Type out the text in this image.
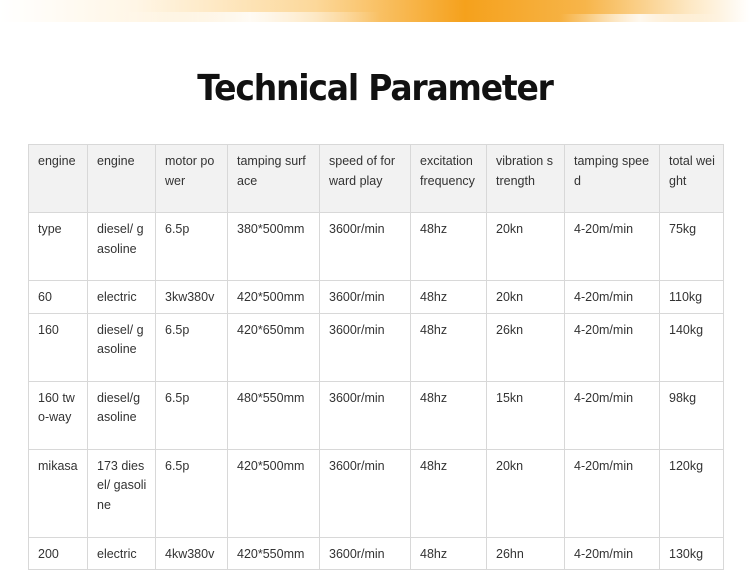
Technical Parameter
engine	engine	motor power	tamping surface	speed of forward play	excitation frequency	vibration strength	tamping speed	total weight
type	diesel/ gasoline	6.5p	380*500mm	3600r/min	48hz	20kn	4-20m/min	75kg
60	electric	3kw380v	420*500mm	3600r/min	48hz	20kn	4-20m/min	110kg
160	diesel/ gasoline	6.5p	420*650mm	3600r/min	48hz	26kn	4-20m/min	140kg
160 two-way	diesel/gasoline	6.5p	480*550mm	3600r/min	48hz	15kn	4-20m/min	98kg
mikasa	173 diesel/ gasoline	6.5p	420*500mm	3600r/min	48hz	20kn	4-20m/min	120kg
200	electric	4kw380v	420*550mm	3600r/min	48hz	26hn	4-20m/min	130kg
